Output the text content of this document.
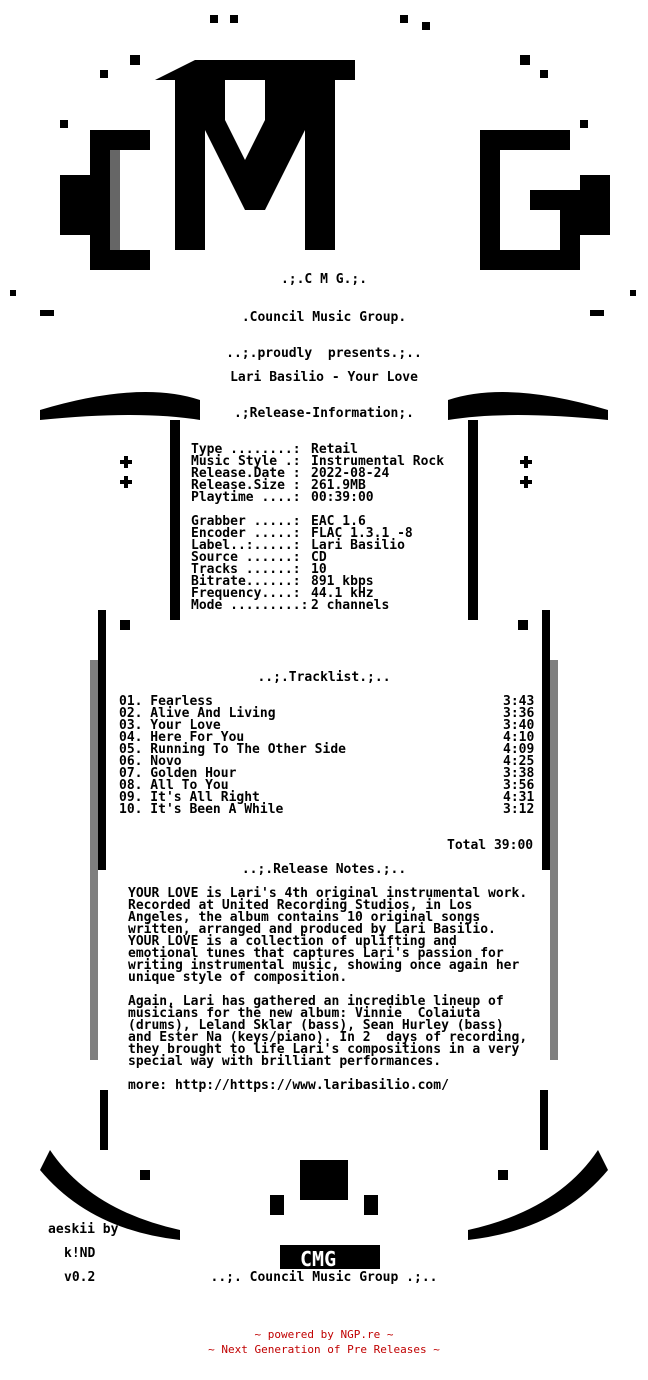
CMG
.;.C M G.;.
.Council Music Group.
..;.proudly  presents.;..
Lari Basilio - Your Love
.;Release-Information;.
Type ........: Retail
Music Style .: Instrumental Rock
Release.Date : 2022-08-24
Release.Size : 261.9MB
Playtime ....: 00:39:00
Grabber .....: EAC 1.6
Encoder .....: FLAC 1.3.1 -8
Label..:.....: Lari Basilio
Source ......: CD
Tracks ......: 10
Bitrate......: 891 kbps
Frequency....: 44.1 kHz
Mode .........: 2 channels
..;.Tracklist.;..
01. Fearless	3:43
02. Alive And Living	3:36
03. Your Love	3:40
04. Here For You	4:10
05. Running To The Other Side	4:09
06. Novo	4:25
07. Golden Hour	3:38
08. All To You	3:56
09. It's All Right	4:31
10. It's Been A While	3:12
Total 39:00
..;.Release Notes.;..
YOUR LOVE is Lari's 4th original instrumental work.
Recorded at United Recording Studios, in Los
Angeles, the album contains 10 original songs
written, arranged and produced by Lari Basilio.
YOUR LOVE is a collection of uplifting and
emotional tunes that captures Lari's passion for
writing instrumental music, showing once again her
unique style of composition.
Again, Lari has gathered an incredible lineup of
musicians for the new album: Vinnie  Colaiuta
(drums), Leland Sklar (bass), Sean Hurley (bass)
and Ester Na (keys/piano). In 2  days of recording,
they brought to life Lari's compositions in a very
special way with brilliant performances.
more: http://https://www.laribasilio.com/
aeskii by
k!ND
v0.2	..;. Council Music Group .;..
~ powered by NGP.re ~
~ Next Generation of Pre Releases ~
